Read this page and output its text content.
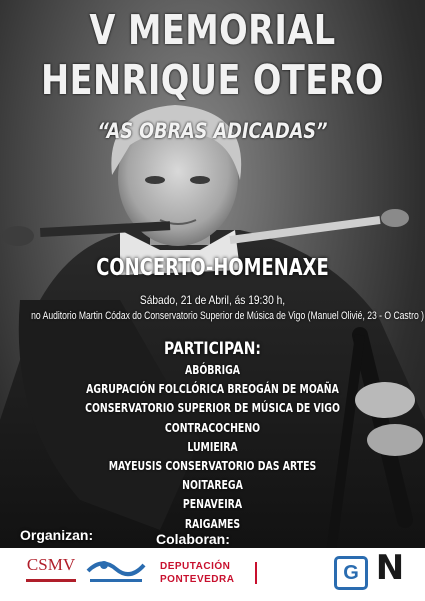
V MEMORIAL
HENRIQUE OTERO
“AS OBRAS ADICADAS”
CONCERTO-HOMENAXE
Sábado, 21 de Abril, ás 19:30 h,
no Auditorio Martin Códax do Conservatorio Superior de Música de Vigo (Manuel Olivié, 23 - O Castro )
PARTICIPAN:
ABÓBRIGA
AGRUPACIÓN FOLCLÓRICA BREOGÁN DE MOAÑA
CONSERVATORIO SUPERIOR DE MÚSICA DE VIGO
CONTRACOCHENO
LUMIEIRA
MAYEUSIS CONSERVATORIO DAS ARTES
NOITAREGA
PENAVEIRA
RAIGAMES
Organizan:	Colaboran:
CSMV	DEPUTACIÓN
PONTEVEDRA	G N
